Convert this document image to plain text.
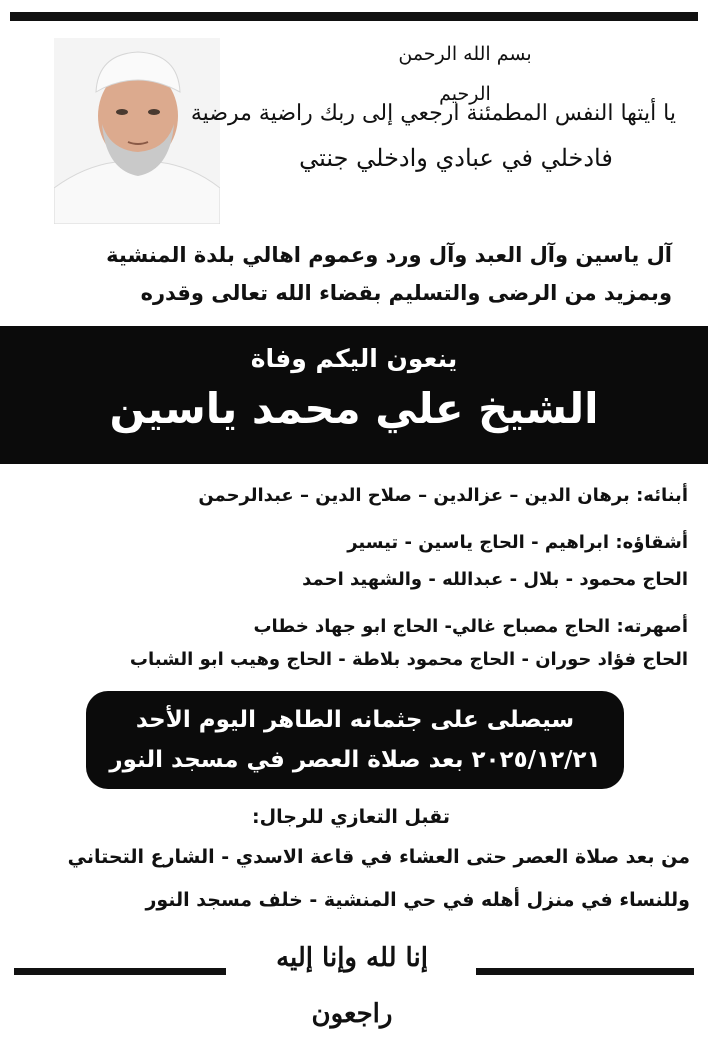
بسم الله الرحمن الرحيم
يا أيتها النفس المطمئنة ارجعي إلى ربك راضية مرضية
فادخلي في عبادي وادخلي جنتي
آل ياسين وآل العبد وآل ورد وعموم اهالي بلدة المنشية
وبمزيد من الرضى والتسليم بقضاء الله تعالى وقدره
ينعون اليكم وفاة
الشيخ علي محمد ياسين
أبنائه: برهان الدين – عزالدين – صلاح الدين – عبدالرحمن
أشقاؤه: ابراهيم - الحاج ياسين - تيسير
الحاج محمود - بلال - عبدالله - والشهيد احمد
أصهرته: الحاج مصباح غالي- الحاج ابو جهاد خطاب
الحاج فؤاد حوران - الحاج محمود بلاطة - الحاج وهيب ابو الشباب
سيصلى على جثمانه الطاهر اليوم الأحد
٢٠٢٥/١٢/٢١ بعد صلاة العصر في مسجد النور
تقبل التعازي للرجال:
من بعد صلاة العصر حتى العشاء في قاعة الاسدي - الشارع التحتاني
وللنساء في منزل أهله في حي المنشية - خلف مسجد النور
إنا لله وإنا إليه راجعون
